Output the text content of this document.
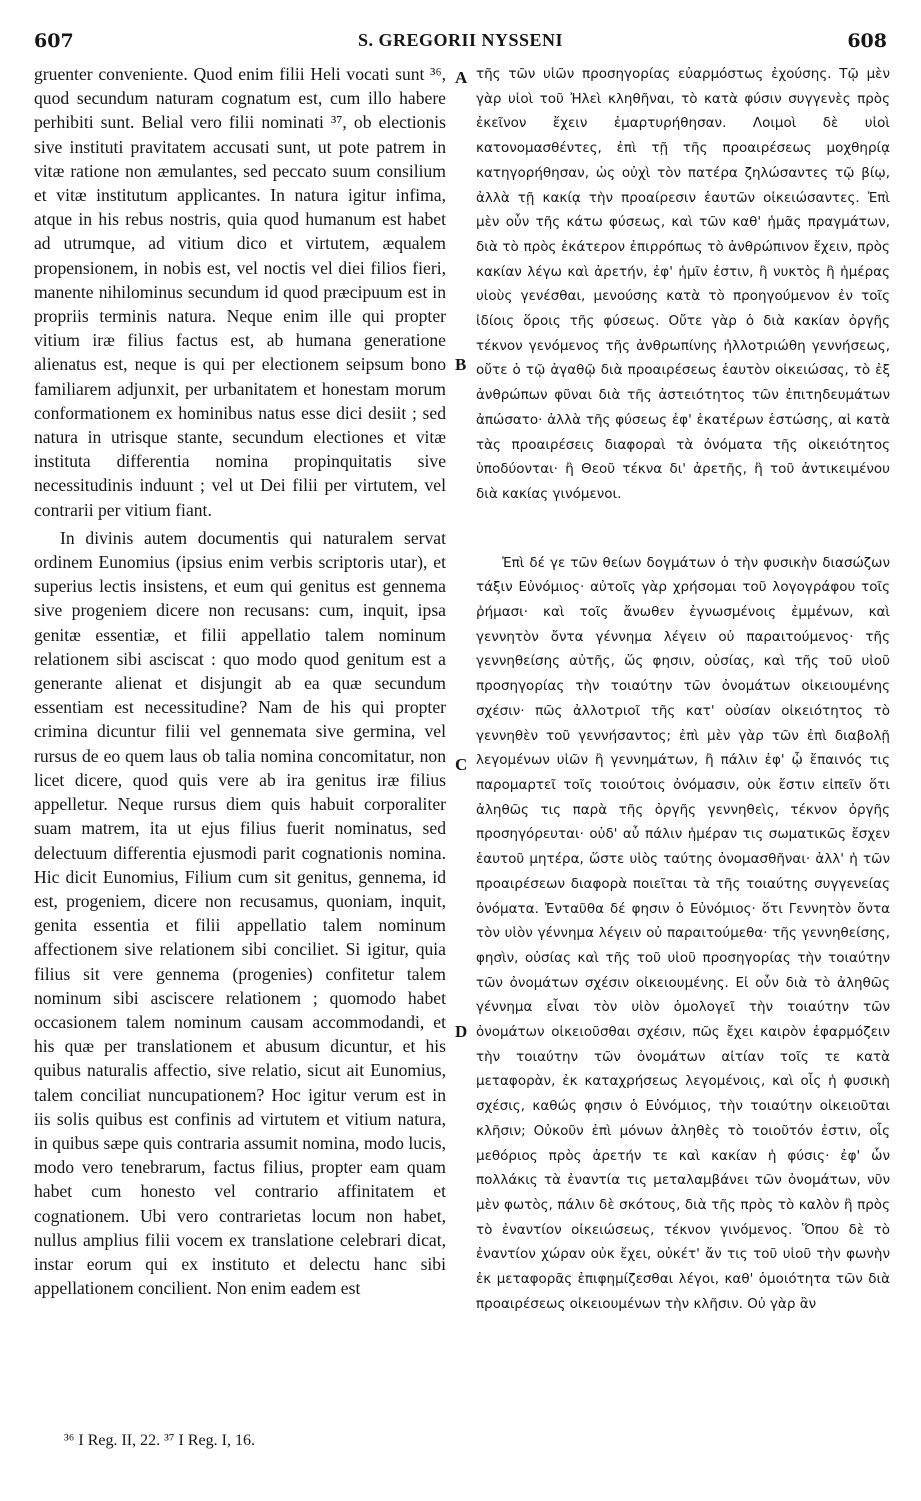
607	S. GREGORII NYSSENI	608

gruenter conveniente. Quod enim filii Heli vocati sunt ³⁶, quod secundum naturam cognatum est, cum illo habere perhibiti sunt. Belial vero filii nominati ³⁷, ob electionis sive instituti pravitatem accusati sunt, ut pote patrem in vitæ ratione non æmulantes, sed peccato suum consilium et vitæ institutum applicantes. In natura igitur infima, atque in his rebus nostris, quia quod humanum est habet ad utrumque, ad vitium dico et virtutem, æqualem propensionem, in nobis est, vel noctis vel diei filios fieri, manente nihilominus secundum id quod præcipuum est in propriis terminis natura. Neque enim ille qui propter vitium iræ filius factus est, ab humana generatione alienatus est, neque is qui per electionem seipsum bono familiarem adjunxit, per urbanitatem et honestam morum conformationem ex hominibus natus esse dici desiit ; sed natura in utrisque stante, secundum electiones et vitæ instituta differentia nomina propinquitatis sive necessitudinis induunt ; vel ut Dei filii per virtutem, vel contrarii per vitium fiant.

In divinis autem documentis qui naturalem servat ordinem Eunomius (ipsius enim verbis scriptoris utar), et superius lectis insistens, et eum qui genitus est gennema sive progeniem dicere non recusans: cum, inquit, ipsa genitæ essentiæ, et filii appellatio talem nominum relationem sibi asciscat : quo modo quod genitum est a generante alienat et disjungit ab ea quæ secundum essentiam est necessitudine? Nam de his qui propter crimina dicuntur filii vel gennemata sive germina, vel rursus de eo quem laus ob talia nomina concomitatur, non licet dicere, quod quis vere ab ira genitus iræ filius appelletur. Neque rursus diem quis habuit corporaliter suam matrem, ita ut ejus filius fuerit nominatus, sed delectuum differentia ejusmodi parit cognationis nomina. Hic dicit Eunomius, Filium cum sit genitus, gennema, id est, progeniem, dicere non recusamus, quoniam, inquit, genita essentia et filii appellatio talem nominum affectionem sive relationem sibi conciliet. Si igitur, quia filius sit vere gennema (progenies) confitetur talem nominum sibi asciscere relationem ; quomodo habet occasionem talem nominum causam accommodandi, et his quæ per translationem et abusum dicuntur, et his quibus naturalis affectio, sive relatio, sicut ait Eunomius, talem conciliat nuncupationem? Hoc igitur verum est in iis solis quibus est confinis ad virtutem et vitium natura, in quibus sæpe quis contraria assumit nomina, modo lucis, modo vero tenebrarum, factus filius, propter eam quam habet cum honesto vel contrario affinitatem et cognationem. Ubi vero contrarietas locum non habet, nullus amplius filii vocem ex translatione celebrari dicat, instar eorum qui ex instituto et delectu hanc sibi appellationem concilient. Non enim eadem est

A
B
C
D

τῆς τῶν υἱῶν προσηγορίας εὐαρμόστως ἐχούσης. Τῷ μὲν γὰρ υἱοὶ τοῦ Ἠλεὶ κληθῆναι, τὸ κατὰ φύσιν συγγενὲς πρὸς ἐκεῖνον ἔχειν ἐμαρτυρήθησαν. Λοιμοὶ δὲ υἱοὶ κατονομασθέντες, ἐπὶ τῇ τῆς προαιρέσεως μοχθηρίᾳ κατηγορήθησαν, ὡς οὐχὶ τὸν πατέρα ζηλώσαντες τῷ βίῳ, ἀλλὰ τῇ κακίᾳ τὴν προαίρεσιν ἑαυτῶν οἰκειώσαντες. Ἐπὶ μὲν οὖν τῆς κάτω φύσεως, καὶ τῶν καθ' ἡμᾶς πραγμάτων, διὰ τὸ πρὸς ἑκάτερον ἐπιρρόπως τὸ ἀνθρώπινον ἔχειν, πρὸς κακίαν λέγω καὶ ἀρετήν, ἐφ' ἡμῖν ἐστιν, ἢ νυκτὸς ἢ ἡμέρας υἱοὺς γενέσθαι, μενούσης κατὰ τὸ προηγούμενον ἐν τοῖς ἰδίοις ὅροις τῆς φύσεως. Οὔτε γὰρ ὁ διὰ κακίαν ὀργῆς τέκνον γενόμενος τῆς ἀνθρωπίνης ἠλλοτριώθη γεννήσεως, οὔτε ὁ τῷ ἀγαθῷ διὰ προαιρέσεως ἑαυτὸν οἰκειώσας, τὸ ἐξ ἀνθρώπων φῦναι διὰ τῆς ἀστειότητος τῶν ἐπιτηδευμάτων ἀπώσατο· ἀλλὰ τῆς φύσεως ἐφ' ἑκατέρων ἑστώσης, αἱ κατὰ τὰς προαιρέσεις διαφοραὶ τὰ ὀνόματα τῆς οἰκειότητος ὑποδύονται· ἢ Θεοῦ τέκνα δι' ἀρετῆς, ἢ τοῦ ἀντικειμένου διὰ κακίας γινόμενοι.

Ἐπὶ δέ γε τῶν θείων δογμάτων ὁ τὴν φυσικὴν διασώζων τάξιν Εὐνόμιος· αὐτοῖς γὰρ χρήσομαι τοῦ λογογράφου τοῖς ῥήμασι· καὶ τοῖς ἄνωθεν ἐγνωσμένοις ἐμμένων, καὶ γεννητὸν ὄντα γέννημα λέγειν οὐ παραιτούμενος· τῆς γεννηθείσης αὐτῆς, ὥς φησιν, οὐσίας, καὶ τῆς τοῦ υἱοῦ προσηγορίας τὴν τοιαύτην τῶν ὀνομάτων οἰκειουμένης σχέσιν· πῶς ἀλλοτριοῖ τῆς κατ' οὐσίαν οἰκειότητος τὸ γεννηθὲν τοῦ γεννήσαντος; ἐπὶ μὲν γὰρ τῶν ἐπὶ διαβολῇ λεγομένων υἱῶν ἢ γεννημάτων, ἢ πάλιν ἐφ' ᾧ ἔπαινός τις παρομαρτεῖ τοῖς τοιούτοις ὀνόμασιν, οὐκ ἔστιν εἰπεῖν ὅτι ἀληθῶς τις παρὰ τῆς ὀργῆς γεννηθεὶς, τέκνον ὀργῆς προσηγόρευται· οὐδ' αὖ πάλιν ἡμέραν τις σωματικῶς ἔσχεν ἑαυτοῦ μητέρα, ὥστε υἱὸς ταύτης ὀνομασθῆναι· ἀλλ' ἡ τῶν προαιρέσεων διαφορὰ ποιεῖται τὰ τῆς τοιαύτης συγγενείας ὀνόματα. Ἐνταῦθα δέ φησιν ὁ Εὐνόμιος· ὅτι Γεννητὸν ὄντα τὸν υἱὸν γέννημα λέγειν οὐ παραιτούμεθα· τῆς γεννηθείσης, φησὶν, οὐσίας καὶ τῆς τοῦ υἱοῦ προσηγορίας τὴν τοιαύτην τῶν ὀνομάτων σχέσιν οἰκειουμένης. Εἰ οὖν διὰ τὸ ἀληθῶς γέννημα εἶναι τὸν υἱὸν ὁμολογεῖ τὴν τοιαύτην τῶν ὀνομάτων οἰκειοῦσθαι σχέσιν, πῶς ἔχει καιρὸν ἐφαρμόζειν τὴν τοιαύτην τῶν ὀνομάτων αἰτίαν τοῖς τε κατὰ μεταφορὰν, ἐκ καταχρήσεως λεγομένοις, καὶ οἷς ἡ φυσικὴ σχέσις, καθώς φησιν ὁ Εὐνόμιος, τὴν τοιαύτην οἰκειοῦται κλῆσιν; Οὐκοῦν ἐπὶ μόνων ἀληθὲς τὸ τοιοῦτόν ἐστιν, οἷς μεθόριος πρὸς ἀρετήν τε καὶ κακίαν ἡ φύσις· ἐφ' ὧν πολλάκις τὰ ἐναντία τις μεταλαμβάνει τῶν ὀνομάτων, νῦν μὲν φωτὸς, πάλιν δὲ σκότους, διὰ τῆς πρὸς τὸ καλὸν ἢ πρὸς τὸ ἐναντίον οἰκειώσεως, τέκνον γινόμενος. Ὅπου δὲ τὸ ἐναντίον χώραν οὐκ ἔχει, οὐκέτ' ἄν τις τοῦ υἱοῦ τὴν φωνὴν ἐκ μεταφορᾶς ἐπιφημίζεσθαι λέγοι, καθ' ὁμοιότητα τῶν διὰ προαιρέσεως οἰκειουμένων τὴν κλῆσιν. Οὐ γὰρ ἂν

³⁶ I Reg. II, 22. ³⁷ I Reg. I, 16.
